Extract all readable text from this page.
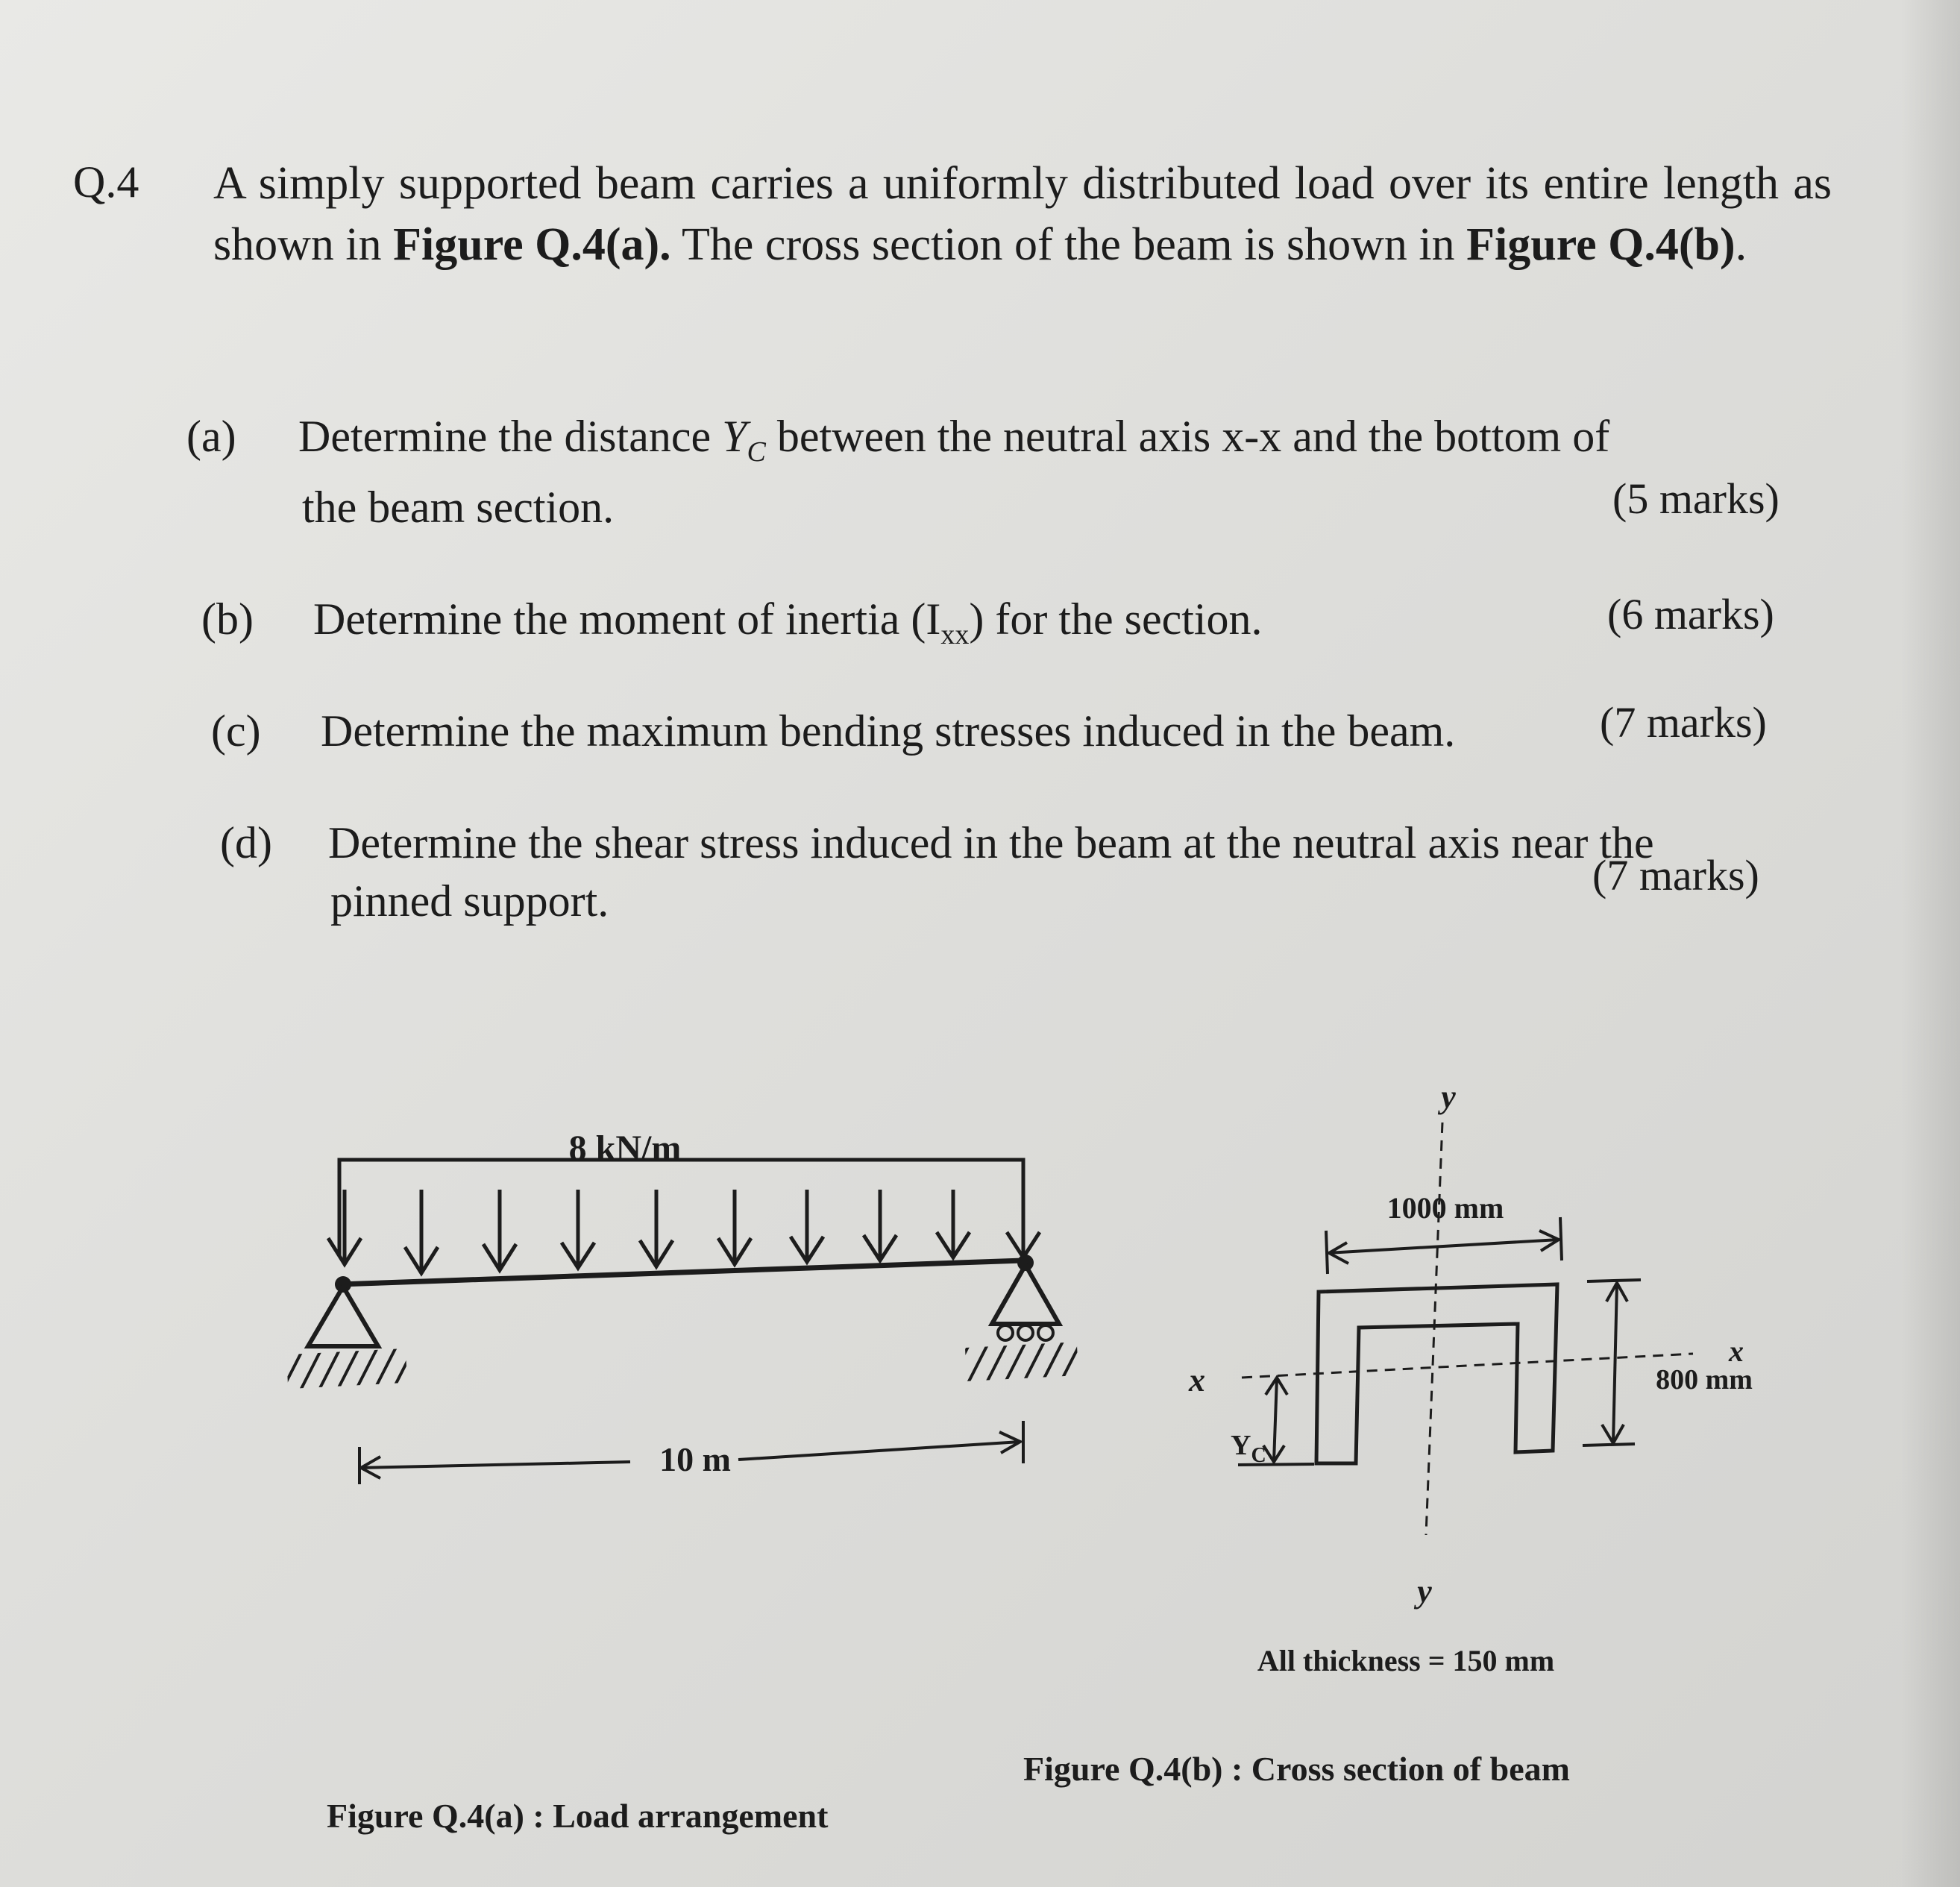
Q.4 A simply supported beam carries a uniformly distributed load over its entire length as shown in Figure Q.4(a). The cross section of the beam is shown in Figure Q.4(b).
(a) Determine the distance $Y_C$ between the neutral axis x-x and the bottom of
the beam section.	(5 marks)
(b) Determine the moment of inertia $(I_{xx})$ for the section.	(6 marks)
(c) Determine the maximum bending stresses induced in the beam.	(7 marks)
(d) Determine the shear stress induced in the beam at the neutral axis near the
pinned support.
(7 marks)
8 kN/m
10 m
y
y
x
x
1000 mm
800 mm
$Y_C$
All thickness = 150 mm
Figure Q.4(a) : Load arrangement
Figure Q.4(b) : Cross section of beam
